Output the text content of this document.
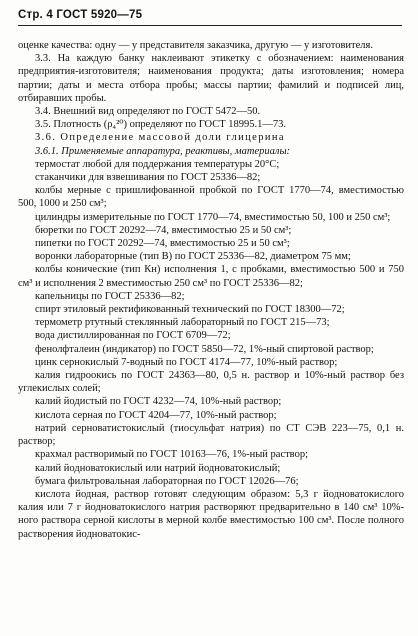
Стр. 4 ГОСТ 5920—75

оценке качества: одну — у представителя заказчика, другую — у изготовителя.

3.3. На каждую банку наклеивают этикетку с обозначением: наименования предприятия-изготовителя; наименования продукта; даты изготовления; номера партии; даты и места отбора пробы; массы партии; фамилий и подписей лиц, отбиравших пробы.

3.4. Внешний вид определяют по ГОСТ 5472—50.

3.5. Плотность (ρ₄²⁰) определяют по ГОСТ 18995.1—73.

3.6. Определение массовой доли глицерина

3.6.1. Применяемые аппаратура, реактивы, материалы:

термостат любой для поддержания температуры 20°С;

стаканчики для взвешивания по ГОСТ 25336—82;

колбы мерные с пришлифованной пробкой по ГОСТ 1770—74, вместимостью 500, 1000 и 250 см³;

цилиндры измерительные по ГОСТ 1770—74, вместимостью 50, 100 и 250 см³;

бюретки по ГОСТ 20292—74, вместимостью 25 и 50 см³;

пипетки по ГОСТ 20292—74, вместимостью 25 и 50 см³;

воронки лабораторные (тип В) по ГОСТ 25336—82, диаметром 75 мм;

колбы конические (тип Кн) исполнения 1, с пробками, вместимостью 500 и 750 см³ и исполнения 2 вместимостью 250 см³ по ГОСТ 25336—82;

капельницы по ГОСТ 25336—82;

спирт этиловый ректификованный технический по ГОСТ 18300—72;

термометр ртутный стеклянный лабораторный по ГОСТ 215—73;

вода дистиллированная по ГОСТ 6709—72;

фенолфталеин (индикатор) по ГОСТ 5850—72, 1%-ный спиртовой раствор;

цинк сернокислый 7-водный по ГОСТ 4174—77, 10%-ный раствор;

калия гидроокись по ГОСТ 24363—80, 0,5 н. раствор и 10%-ный раствор без углекислых солей;

калий йодистый по ГОСТ 4232—74, 10%-ный раствор;

кислота серная по ГОСТ 4204—77, 10%-ный раствор;

натрий серноватистокислый (тиосульфат натрия) по СТ СЭВ 223—75, 0,1 н. раствор;

крахмал растворимый по ГОСТ 10163—76, 1%-ный раствор;

калий йодноватокислый или натрий йодноватокислый;

бумага фильтровальная лабораторная по ГОСТ 12026—76;

кислота йодная, раствор готовят следующим образом: 5,3 г йодноватокислого калия или 7 г йодноватокислого натрия растворяют предварительно в 140 см³ 10%-ного раствора серной кислоты в мерной колбе вместимостью 100 см³. После полного растворения йодноватокис-
